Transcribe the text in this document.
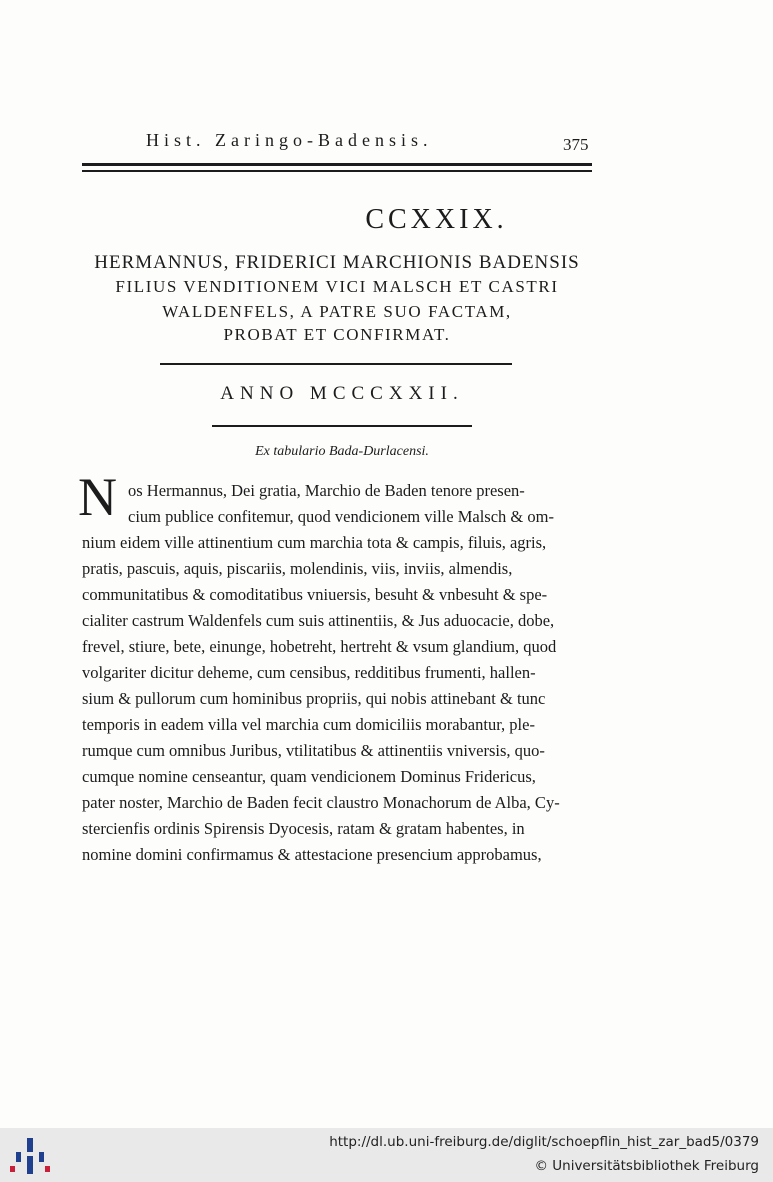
Hist. Zaringo-Badensis.	375
CCXXIX.
HERMANNUS, FRIDERICI MARCHIONIS BADENSIS
FILIUS VENDITIONEM VICI MALSCH ET CASTRI
WALDENFELS, A PATRE SUO FACTAM,
PROBAT ET CONFIRMAT.
ANNO MCCCXXII.
Ex tabulario Bada-Durlacensi.
N os Hermannus, Dei gratia, Marchio de Baden tenore presen-
cium publice confitemur, quod vendicionem ville Malsch & om-
nium eidem ville attinentium cum marchia tota & campis, filuis, agris,
pratis, pascuis, aquis, piscariis, molendinis, viis, inviis, almendis,
communitatibus & comoditatibus vniuersis, besuht & vnbesuht & spe-
cialiter castrum Waldenfels cum suis attinentiis, & Jus aduocacie, dobe,
frevel, stiure, bete, einunge, hobetreht, hertreht & vsum glandium, quod
volgariter dicitur deheme, cum censibus, redditibus frumenti, hallen-
sium & pullorum cum hominibus propriis, qui nobis attinebant & tunc
temporis in eadem villa vel marchia cum domiciliis morabantur, ple-
rumque cum omnibus Juribus, vtilitatibus & attinentiis vniversis, quo-
cumque nomine censeantur, quam vendicionem Dominus Fridericus,
pater noster, Marchio de Baden fecit claustro Monachorum de Alba, Cy-
stercienfis ordinis Spirensis Dyocesis, ratam & gratam habentes, in
nomine domini confirmamus & attestacione presencium approbamus,
http://dl.ub.uni-freiburg.de/diglit/schoepflin_hist_zar_bad5/0379
© Universitätsbibliothek Freiburg
